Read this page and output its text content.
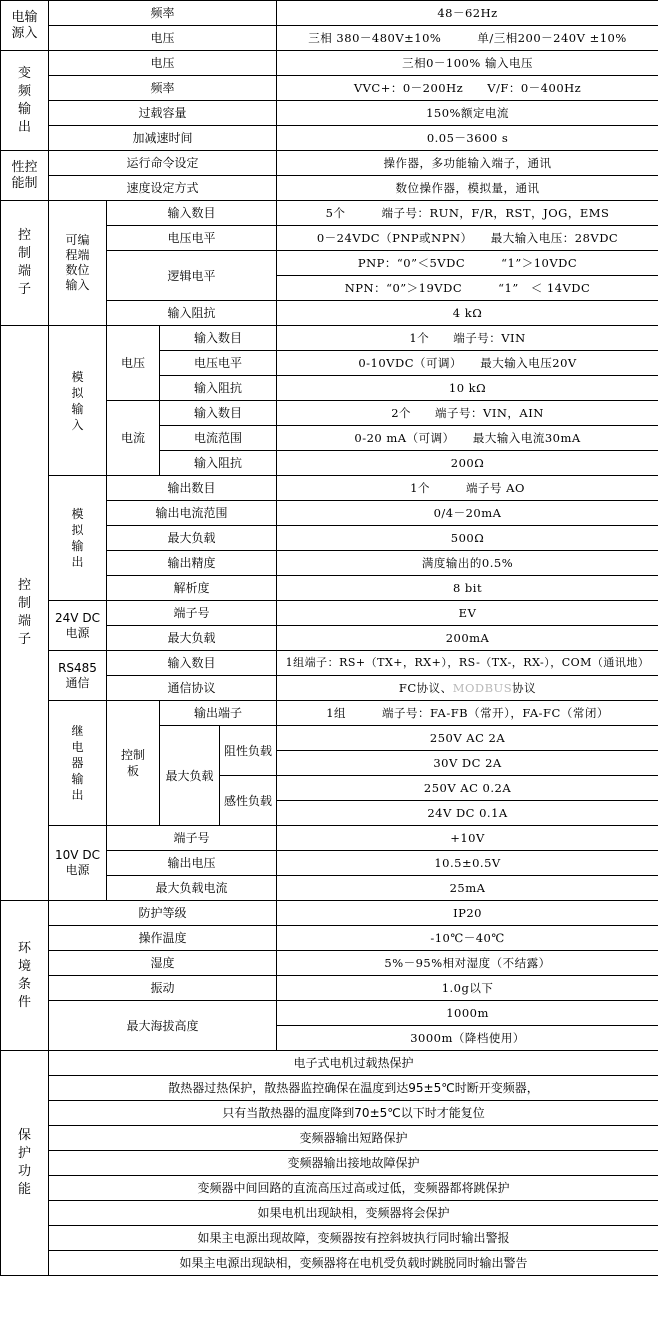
电输源入	频率				48－62Hz
	电压				三相 380－480V±10%　　　单/三相200－240V ±10%
变频输出	电压				三相0－100% 输入电压
	频率				VVC+：0－200Hz　　V/F：0－400Hz
	过载容量				150%额定电流
	加减速时间				0.05－3600 s
性控能制	运行命令设定				操作器，多功能输入端子，通讯
	速度设定方式				数位操作器，模拟量，通讯
控制端子	可编程端数位输入	输入数目			5个　　　端子号：RUN，F/R，RST，JOG，EMS
		电压电平			0－24VDC（PNP或NPN）　　最大输入电压：28VDC
		逻辑电平			PNP：“0”＜5VDC　　　“1”＞10VDC
					NPN：“0”＞19VDC　　　“1”　＜ 14VDC
		输入阻抗			4 kΩ
控制端子	模拟输入	电压	输入数目		1个　　端子号：VIN
			电压电平		0-10VDC（可调）　　最大输入电压20V
			输入阻抗		10 kΩ
		电流	输入数目		2个　　端子号：VIN，AIN
			电流范围		0-20 mA（可调）　　最大输入电流30mA
			输入阻抗		200Ω
	模拟输出	输出数目			1个　　　端子号 AO
		输出电流范围			0/4－20mA
		最大负载			500Ω
		输出精度			满度输出的0.5%
		解析度			8 bit
	24V DC电源	端子号			EV
		最大负载			200mA
	RS485通信	输入数目			1组端子：RS+（TX+，RX+），RS-（TX-，RX-），COM（通讯地）
		通信协议			FC协议、MODBUS协议
	继电器输出	控制板	输出端子		1组　　　端子号：FA-FB（常开），FA-FC（常闭）
			最大负载	阻性负载	250V AC 2A
					30V DC 2A
				感性负载	250V AC 0.2A
					24V DC 0.1A
	10V DC电源	端子号			+10V
		输出电压			10.5±0.5V
		最大负载电流			25mA
环境条件	防护等级				IP20
	操作温度				-10℃－40℃
	湿度				5%－95%相对湿度（不结露）
	振动				1.0g以下
	最大海拔高度				1000m
					3000m（降档使用）
保护功能	电子式电机过载热保护				
	散热器过热保护，散热器监控确保在温度到达95±5℃时断开变频器，				
	只有当散热器的温度降到70±5℃以下时才能复位				
	变频器输出短路保护				
	变频器输出接地故障保护				
	变频器中间回路的直流高压过高或过低，变频器都将跳保护				
	如果电机出现缺相，变频器将会保护				
	如果主电源出现故障，变频器按有控斜坡执行同时输出警报				
	如果主电源出现缺相，变频器将在电机受负载时跳脱同时输出警告				
